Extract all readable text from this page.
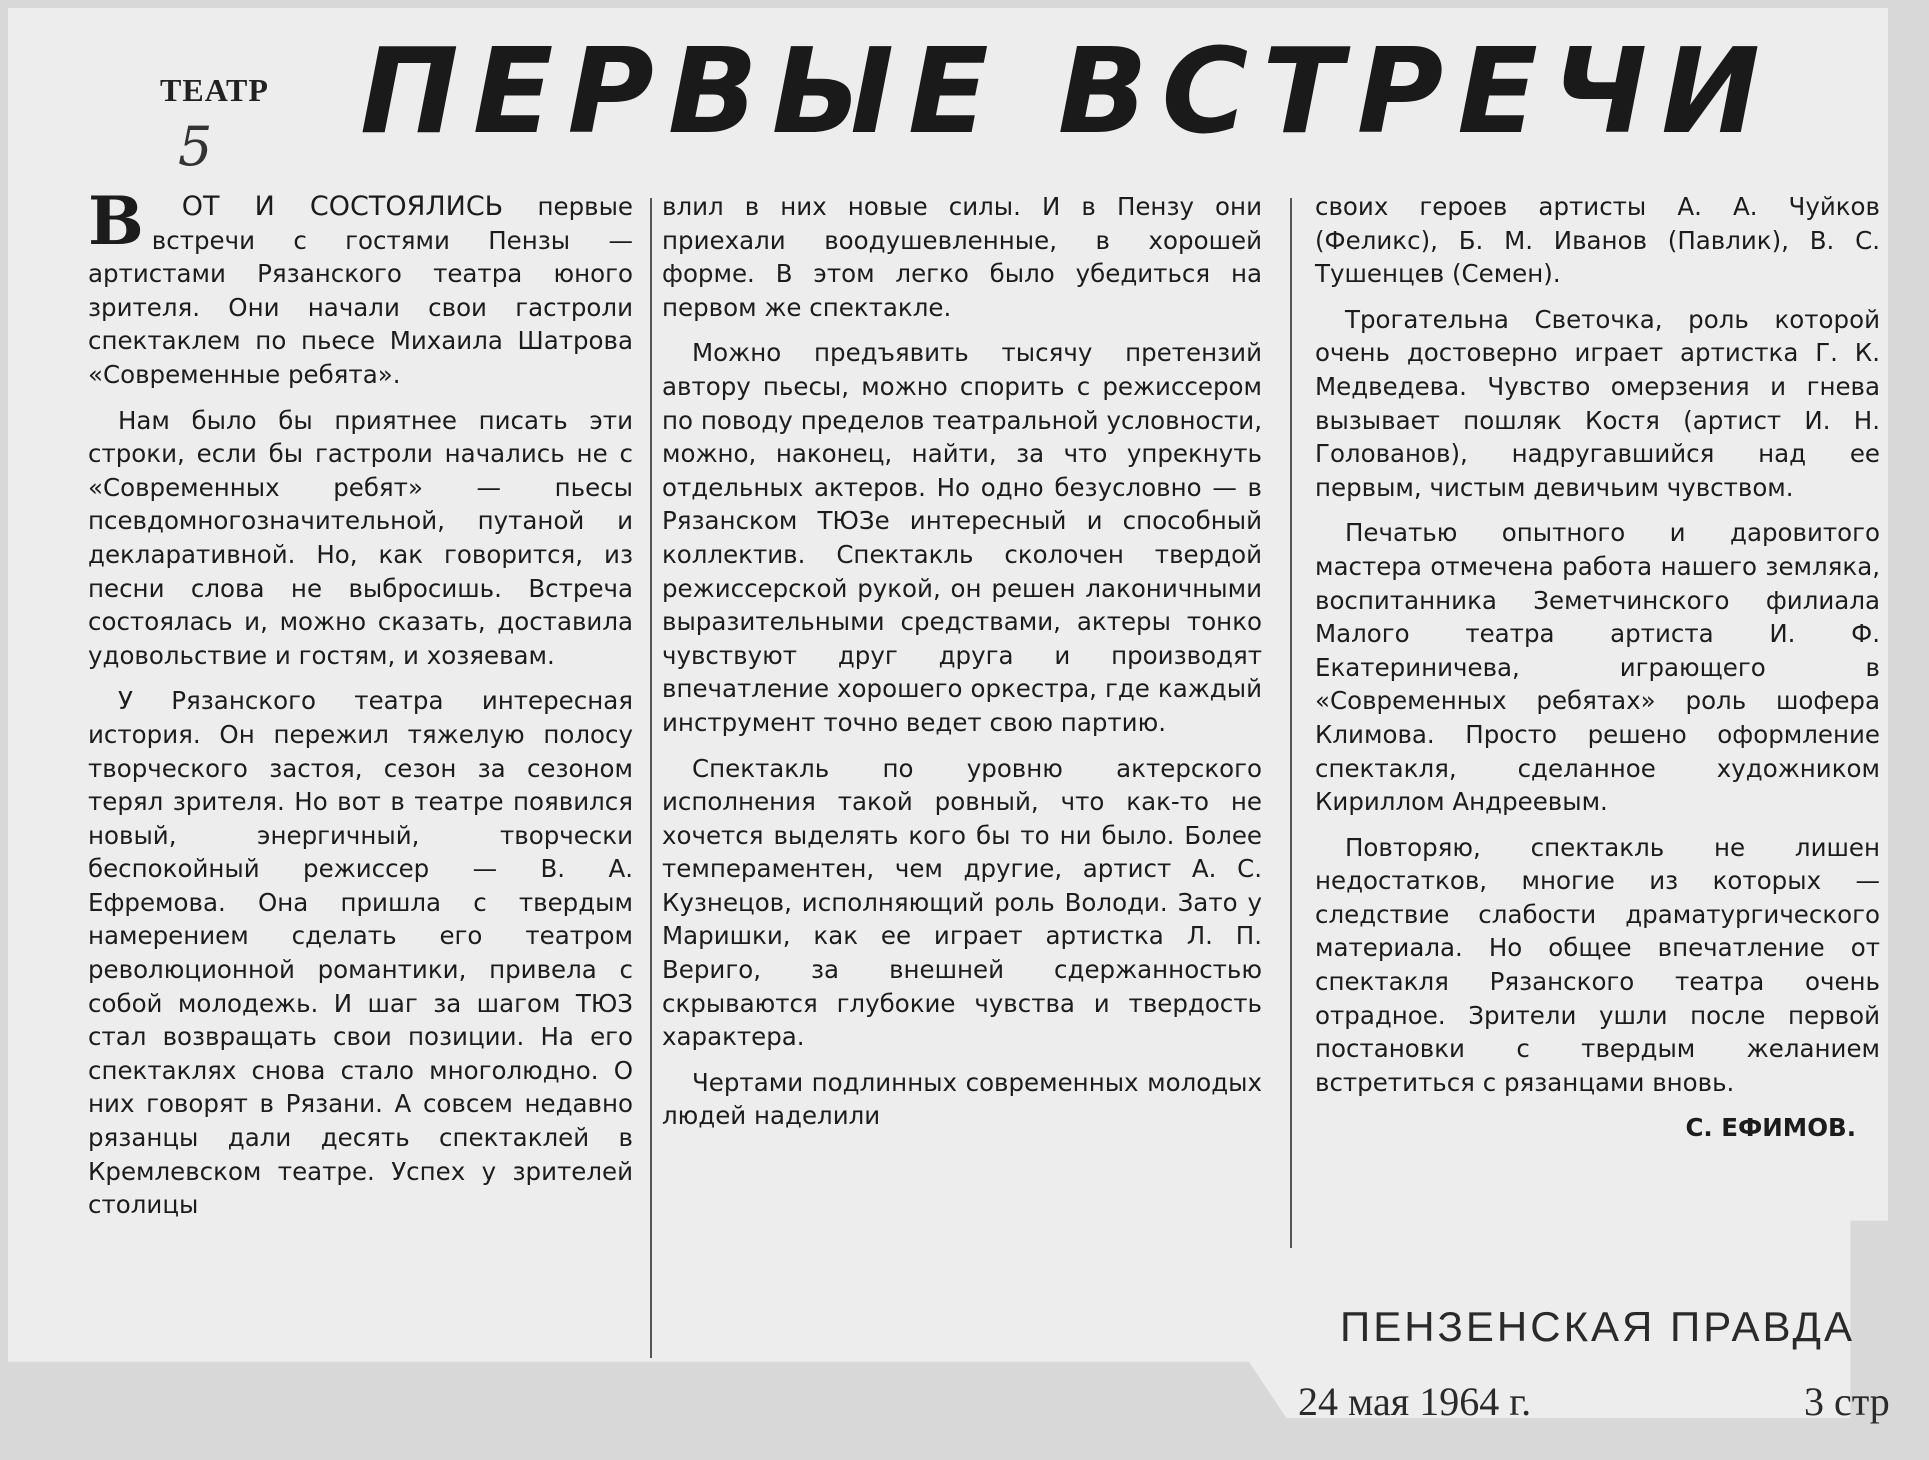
ТЕАТР ПЕРВЫЕ ВСТРЕЧИ
5

В ОТ И СОСТОЯЛИСЬ первые встречи с гостями Пензы — артистами Рязанского театра юного зрителя. Они начали свои гастроли спектаклем по пьесе Михаила Шатрова «Современные ребята».

Нам было бы приятнее писать эти строки, если бы гастроли начались не с «Современных ребят» — пьесы псевдомногозначительной, путаной и декларативной. Но, как говорится, из песни слова не выбросишь. Встреча состоялась и, можно сказать, доставила удовольствие и гостям, и хозяевам.

У Рязанского театра интересная история. Он пережил тяжелую полосу творческого застоя, сезон за сезоном терял зрителя. Но вот в театре появился новый, энергичный, творчески беспокойный режиссер — В. А. Ефремова. Она пришла с твердым намерением сделать его театром революционной романтики, привела с собой молодежь. И шаг за шагом ТЮЗ стал возвращать свои позиции. На его спектаклях снова стало многолюдно. О них говорят в Рязани. А совсем недавно рязанцы дали десять спектаклей в Кремлевском театре. Успех у зрителей столицы

влил в них новые силы. И в Пензу они приехали воодушевленные, в хорошей форме. В этом легко было убедиться на первом же спектакле.

Можно предъявить тысячу претензий автору пьесы, можно спорить с режиссером по поводу пределов театральной условности, можно, наконец, найти, за что упрекнуть отдельных актеров. Но одно безусловно — в Рязанском ТЮЗе интересный и способный коллектив. Спектакль сколочен твердой режиссерской рукой, он решен лаконичными выразительными средствами, актеры тонко чувствуют друг друга и производят впечатление хорошего оркестра, где каждый инструмент точно ведет свою партию.

Спектакль по уровню актерского исполнения такой ровный, что как-то не хочется выделять кого бы то ни было. Более темпераментен, чем другие, артист А. С. Кузнецов, исполняющий роль Володи. Зато у Маришки, как ее играет артистка Л. П. Вериго, за внешней сдержанностью скрываются глубокие чувства и твердость характера.

Чертами подлинных современных молодых людей наделили

своих героев артисты А. А. Чуйков (Феликс), Б. М. Иванов (Павлик), В. С. Тушенцев (Семен).

Трогательна Светочка, роль которой очень достоверно играет артистка Г. К. Медведева. Чувство омерзения и гнева вызывает пошляк Костя (артист И. Н. Голованов), надругавшийся над ее первым, чистым девичьим чувством.

Печатью опытного и даровитого мастера отмечена работа нашего земляка, воспитанника Земетчинского филиала Малого театра артиста И. Ф. Екатериничева, играющего в «Современных ребятах» роль шофера Климова. Просто решено оформление спектакля, сделанное художником Кириллом Андреевым.

Повторяю, спектакль не лишен недостатков, многие из которых — следствие слабости драматургического материала. Но общее впечатление от спектакля Рязанского театра очень отрадное. Зрители ушли после первой постановки с твердым желанием встретиться с рязанцами вновь.

С. ЕФИМОВ.
ПЕНЗЕНСКАЯ ПРАВДА
24 мая 1964 г.	3 стр
